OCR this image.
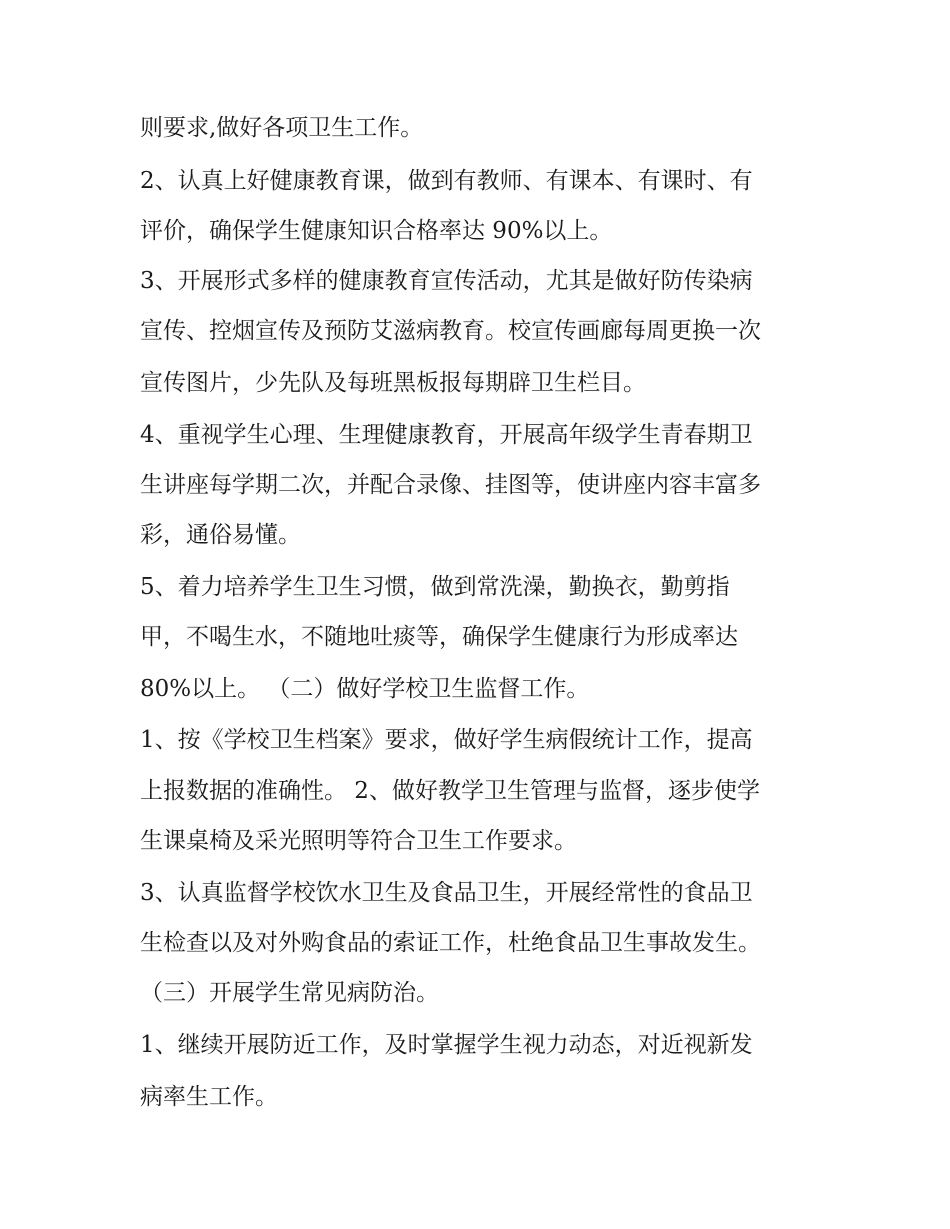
则要求,做好各项卫生工作。
2、认真上好健康教育课，做到有教师、有课本、有课时、有
评价，确保学生健康知识合格率达 90%以上。
3、开展形式多样的健康教育宣传活动，尤其是做好防传染病
宣传、控烟宣传及预防艾滋病教育。校宣传画廊每周更换一次
宣传图片，少先队及每班黑板报每期辟卫生栏目。
4、重视学生心理、生理健康教育，开展高年级学生青春期卫
生讲座每学期二次，并配合录像、挂图等，使讲座内容丰富多
彩，通俗易懂。
5、着力培养学生卫生习惯，做到常洗澡，勤换衣，勤剪指
甲，不喝生水，不随地吐痰等，确保学生健康行为形成率达
80%以上。 （二）做好学校卫生监督工作。
1、按《学校卫生档案》要求，做好学生病假统计工作，提高
上报数据的准确性。 2、做好教学卫生管理与监督，逐步使学
生课桌椅及采光照明等符合卫生工作要求。
3、认真监督学校饮水卫生及食品卫生，开展经常性的食品卫
生检查以及对外购食品的索证工作，杜绝食品卫生事故发生。
（三）开展学生常见病防治。
1、继续开展防近工作，及时掌握学生视力动态，对近视新发
病率生工作。
